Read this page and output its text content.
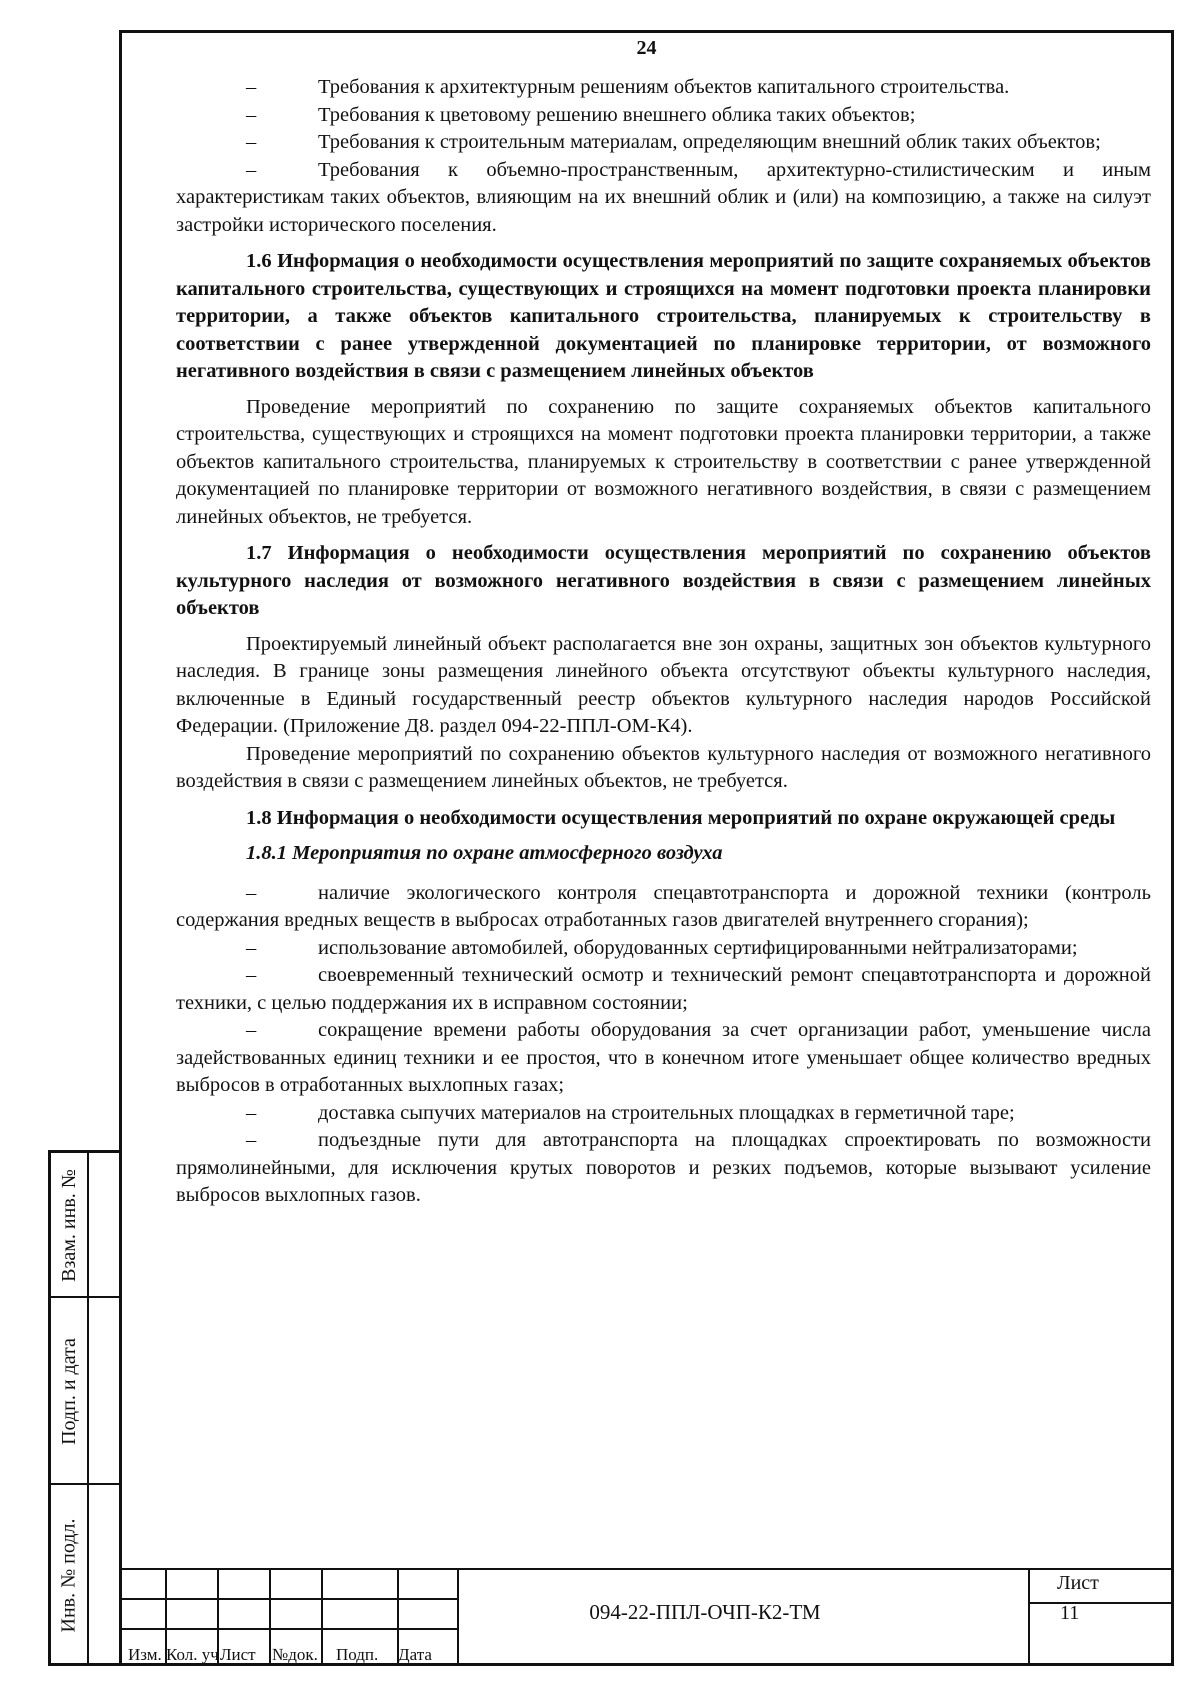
24

–	Требования к архитектурным решениям объектов капитального строительства.

–	Требования к цветовому решению внешнего облика таких объектов;

–	Требования к строительным материалам, определяющим внешний облик таких объектов;

–	Требования к объемно-пространственным, архитектурно-стилистическим и иным характеристикам таких объектов, влияющим на их внешний облик и (или) на композицию, а также на силуэт застройки исторического поселения.

1.6 Информация о необходимости осуществления мероприятий по защите сохраняемых объектов капитального строительства, существующих и строящихся на момент подготовки проекта планировки территории, а также объектов капитального строительства, планируемых к строительству в соответствии с ранее утвержденной документацией по планировке территории, от возможного негативного воздействия в связи с размещением линейных объектов

Проведение мероприятий по сохранению по защите сохраняемых объектов капитального строительства, существующих и строящихся на момент подготовки проекта планировки территории, а также объектов капитального строительства, планируемых к строительству в соответствии с ранее утвержденной документацией по планировке территории от возможного негативного воздействия, в связи с размещением линейных объектов, не требуется.

1.7 Информация о необходимости осуществления мероприятий по сохранению объектов культурного наследия от возможного негативного воздействия в связи с размещением линейных объектов

Проектируемый линейный объект располагается вне зон охраны, защитных зон объектов культурного наследия. В границе зоны размещения линейного объекта отсутствуют объекты культурного наследия, включенные в Единый государственный реестр объектов культурного наследия народов Российской Федерации. (Приложение Д8. раздел 094-22-ППЛ-ОМ-К4).

Проведение мероприятий по сохранению объектов культурного наследия от возможного негативного воздействия в связи с размещением линейных объектов, не требуется.

1.8 Информация о необходимости осуществления мероприятий по охране окружающей среды

1.8.1 Мероприятия по охране атмосферного воздуха

–	наличие экологического контроля спецавтотранспорта и дорожной техники (контроль содержания вредных веществ в выбросах отработанных газов двигателей внутреннего сгорания);

–	использование автомобилей, оборудованных сертифицированными нейтрализаторами;

–	своевременный технический осмотр и технический ремонт спецавтотранспорта и дорожной техники, с целью поддержания их в исправном состоянии;

–	сокращение времени работы оборудования за счет организации работ, уменьшение числа задействованных единиц техники и ее простоя, что в конечном итоге уменьшает общее количество вредных выбросов в отработанных выхлопных газах;

–	доставка сыпучих материалов на строительных площадках в герметичной таре;

–	подъездные пути для автотранспорта на площадках спроектировать по возможности прямолинейными, для исключения крутых поворотов и резких подъемов, которые вызывают усиление выбросов выхлопных газов.

Взам. инв. №
Подп. и дата
Инв. № подл.	094-22-ППЛ-ОЧП-К2-ТМ
Лист
11
Изм. Кол. уч Лист №док. Подп. Дата
